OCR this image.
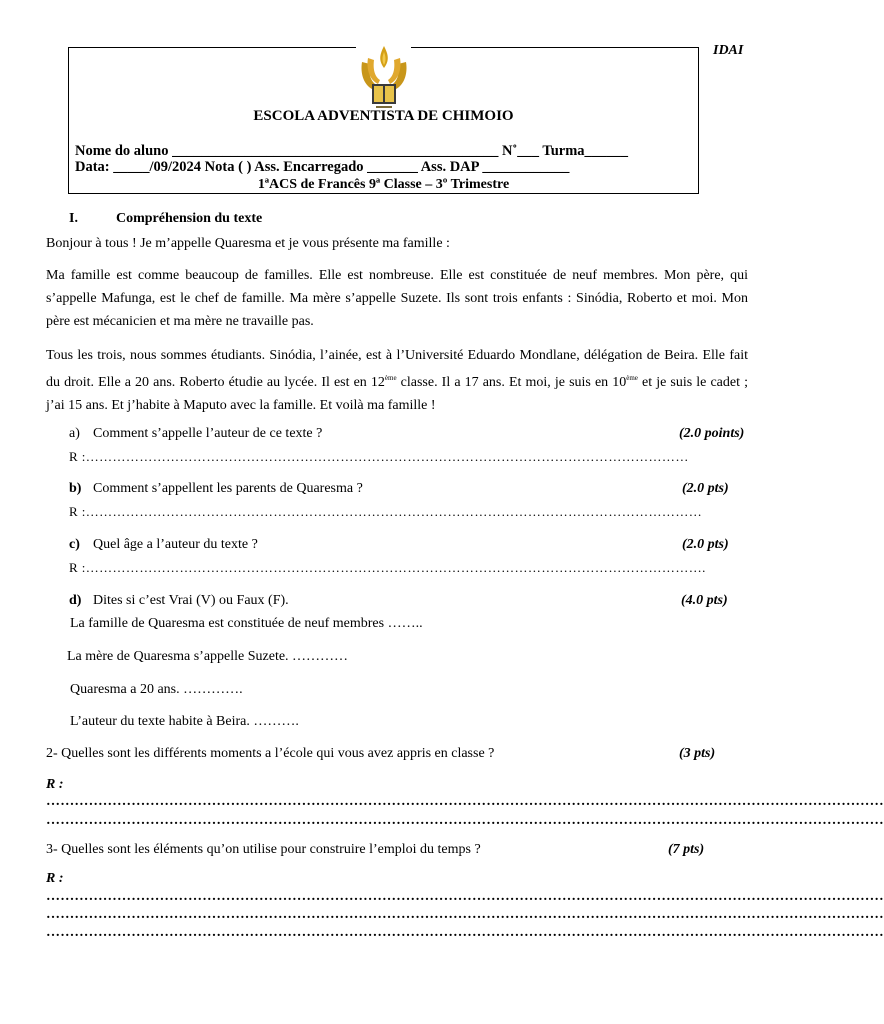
IDAI
ESCOLA ADVENTISTA DE CHIMOIO
Nome do aluno _____________________________________________ N˚___ Turma______
Data: _____/09/2024 Nota ( ) Ass. Encarregado _______ Ass. DAP ____________
1ªACS de Francês 9ª Classe – 3º Trimestre
I.	Compréhension du texte
Bonjour à tous ! Je m’appelle Quaresma et je vous présente ma famille :
Ma famille est comme beaucoup de familles. Elle est nombreuse. Elle est constituée de neuf membres. Mon père, qui s’appelle Mafunga, est le chef de famille. Ma mère s’appelle Suzete. Ils sont trois enfants : Sinódia, Roberto et moi. Mon père est mécanicien et ma mère ne travaille pas.
Tous les trois, nous sommes étudiants. Sinódia, l’ainée, est à l’Université Eduardo Mondlane, délégation de Beira. Elle fait du droit. Elle a 20 ans. Roberto étudie au lycée. Il est en 12ème classe. Il a 17 ans. Et moi, je suis en 10ème et je suis le cadet ; j’ai 15 ans. Et j’habite à Maputo avec la famille. Et voilà ma famille !
a) Comment s’appelle l’auteur de ce texte ?	(2.0 points)
R :………………………………………………………………………………………………………………………
b) Comment s’appellent les parents de Quaresma ?	(2.0 pts)
R :…………………………………………………………………………………………………………………………
c) Quel âge a l’auteur du texte ?	(2.0 pts)
R :………………………………………………………………………………………………………………………….
d) Dites si c’est Vrai (V) ou Faux (F).	(4.0 pts)
La famille de Quaresma est constituée de neuf membres ……..
La mère de Quaresma s’appelle Suzete. …………
Quaresma a 20 ans. ………….
L’auteur du texte habite à Beira. ……….
2- Quelles sont les différents moments a l’école qui vous avez appris en classe ?	(3 pts)
R :
……………………………………………………………………………………………………………………………………………………………
……………………………………………………………………………………………………………………………………………………………
3- Quelles sont les éléments qu’on utilise pour construire l’emploi du temps ?	(7 pts)
R :
……………………………………………………………………………………………………………………………………………………………
……………………………………………………………………………………………………………………………………………………………
……………………………………………………………………………………………………………………………………………………………
